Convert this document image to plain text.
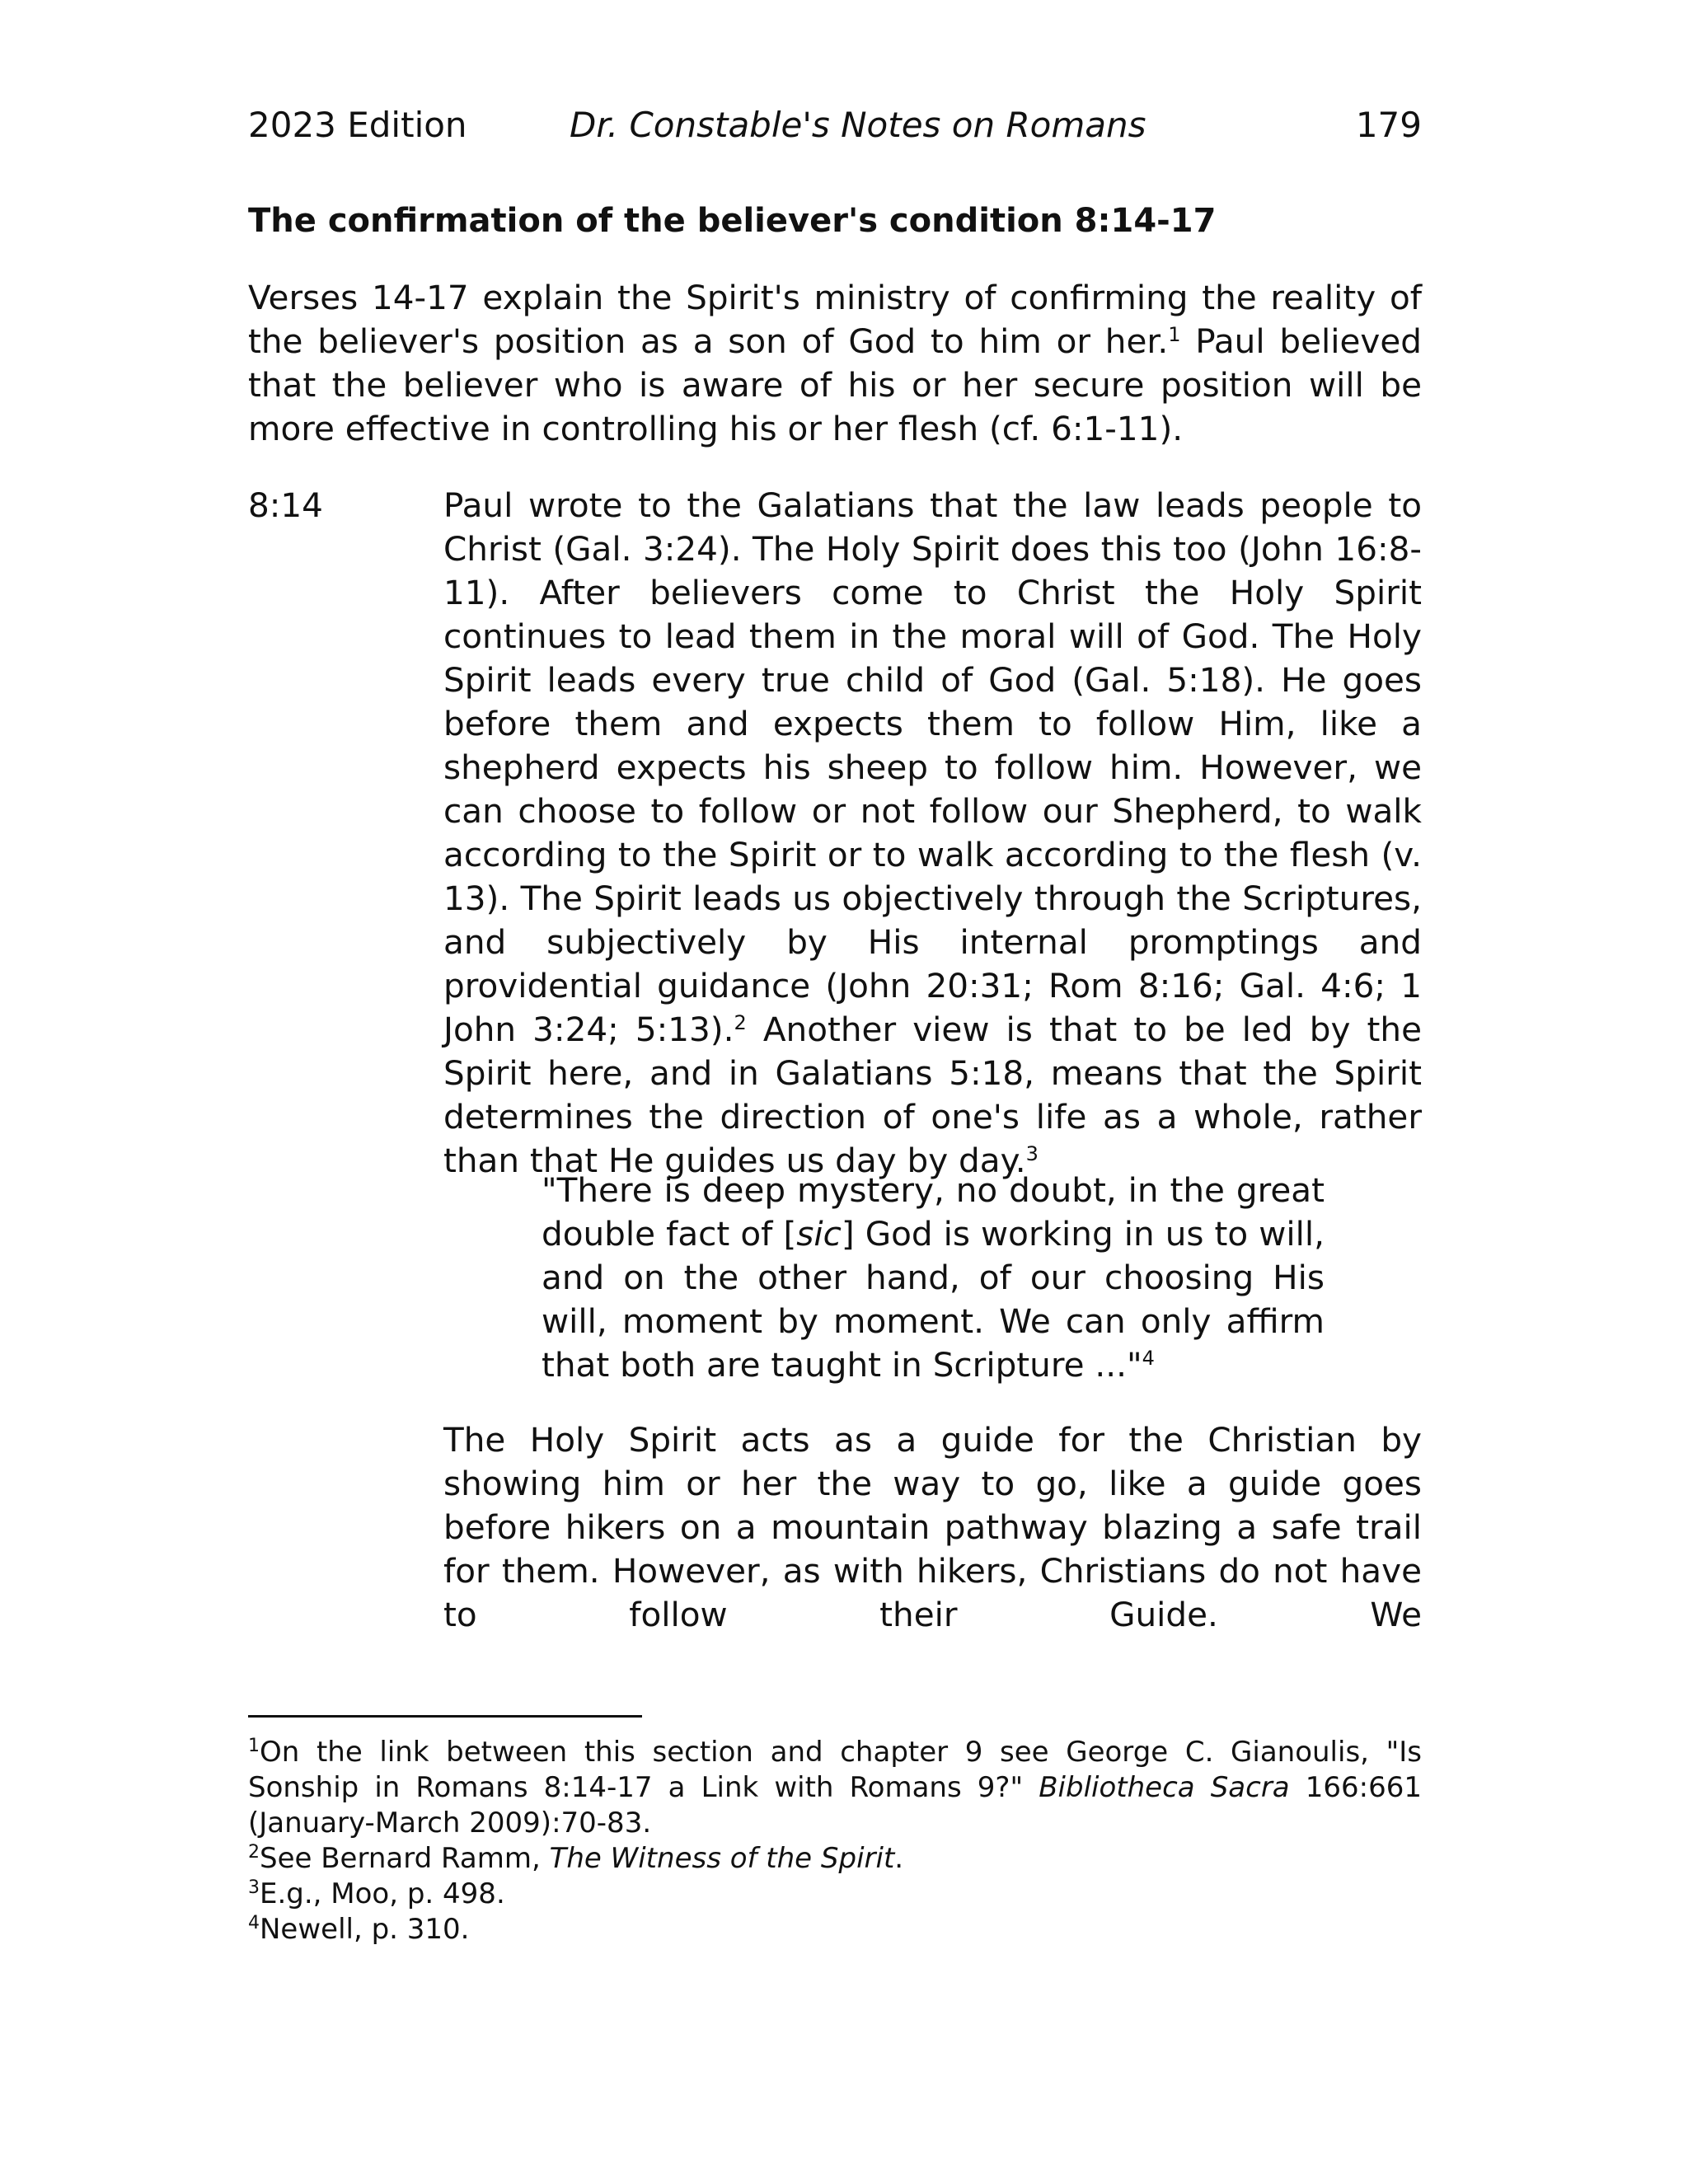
2023 Edition	Dr. Constable's Notes on Romans	179
The confirmation of the believer's condition 8:14-17
Verses 14-17 explain the Spirit's ministry of confirming the reality of the believer's position as a son of God to him or her.$^1$ Paul believed that the believer who is aware of his or her secure position will be more effective in controlling his or her flesh (cf. 6:1-11).
8:14	Paul wrote to the Galatians that the law leads people to Christ (Gal. 3:24). The Holy Spirit does this too (John 16:8-11). After believers come to Christ the Holy Spirit continues to lead them in the moral will of God. The Holy Spirit leads every true child of God (Gal. 5:18). He goes before them and expects them to follow Him, like a shepherd expects his sheep to follow him. However, we can choose to follow or not follow our Shepherd, to walk according to the Spirit or to walk according to the flesh (v. 13). The Spirit leads us objectively through the Scriptures, and subjectively by His internal promptings and providential guidance (John 20:31; Rom 8:16; Gal. 4:6; 1 John 3:24; 5:13).$^2$ Another view is that to be led by the Spirit here, and in Galatians 5:18, means that the Spirit determines the direction of one's life as a whole, rather than that He guides us day by day.$^3$
"There is deep mystery, no doubt, in the great double fact of [sic] God is working in us to will, and on the other hand, of our choosing His will, moment by moment. We can only affirm that both are taught in Scripture ..."$^4$
The Holy Spirit acts as a guide for the Christian by showing him or her the way to go, like a guide goes before hikers on a mountain pathway blazing a safe trail for them. However, as with hikers, Christians do not have to follow their Guide. We
$^1$On the link between this section and chapter 9 see George C. Gianoulis, "Is Sonship in Romans 8:14-17 a Link with Romans 9?" Bibliotheca Sacra 166:661 (January-March 2009):70-83.
$^2$See Bernard Ramm, The Witness of the Spirit.
$^3$E.g., Moo, p. 498.
$^4$Newell, p. 310.
